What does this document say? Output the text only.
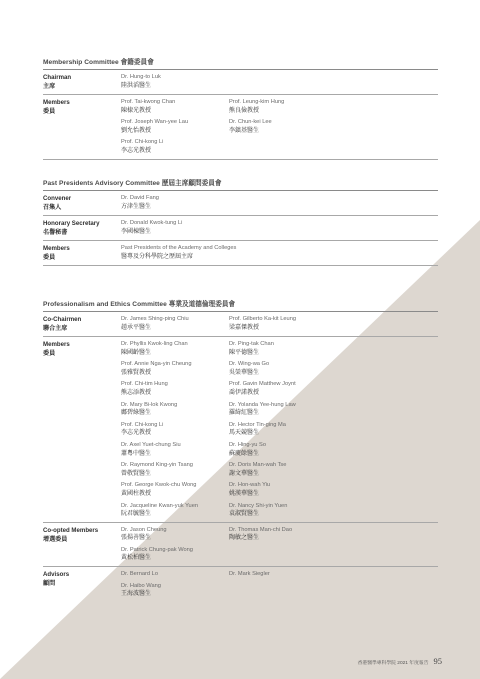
Membership Committee 會籍委員會
Chairman
主席
Dr. Hung-to Luk
陸洪滔醫生
Members
委員
Prof. Tai-kwong Chan
陳棣光教授
Prof. Leung-kim Hung
熊良儉教授
Prof. Joseph Wan-yee Lau
劉允怡教授
Dr. Chun-kei Lee
李鎮基醫生
Prof. Chi-kong Li
李志光教授
Past Presidents Advisory Committee 歷屆主席顧問委員會
Convener
召集人
Dr. David Fang
方津生醫生
Honorary Secretary
名譽秘書
Dr. Donald Kwok-tung Li
李國棟醫生
Members
委員
Past Presidents of the Academy and Colleges
醫專及分科學院之歷屆主席
Professionalism and Ethics Committee 專業及道德倫理委員會
Co-Chairmen
聯合主席
Dr. James Shing-ping Chiu
趙承平醫生
Prof. Gilberto Ka-kit Leung
梁嘉傑教授
Members
委員
Dr. Phyllis Kwok-ling Chan
陳國齡醫生
Dr. Ping-tak Chan
陳平德醫生
Prof. Annie Nga-yin Cheung
張雅賢教授
Dr. Wing-wa Go
吳榮華醫生
Prof. Chi-tim Hung
熊志添教授
Prof. Gavin Matthew Joynt
喬伊諾教授
Dr. Mary Bi-lok Kwong
鄺碧綠醫生
Dr. Yolanda Yee-hung Law
羅綺紅醫生
Prof. Chi-kong Li
李志光教授
Dr. Hector Tin-ging Ma
馬天競醫生
Dr. Axel Yuet-chung Siu
蕭粵中醫生
Dr. Hing-yu So
蘇慶餘醫生
Dr. Raymond King-yin Tsang
曾敬賢醫生
Dr. Doris Man-wah Tse
謝文華醫生
Prof. George Kwok-chu Wong
黃國柱教授
Dr. Hon-wah Yiu
姚漢華醫生
Dr. Jacqueline Kwan-yuk Yuen
阮君毓醫生
Dr. Nancy Shi-yin Yuen
袁淑賢醫生
Co-opted Members
增選委員
Dr. Jason Cheung
張揚善醫生
Dr. Thomas Man-chi Dao
陶敏之醫生
Dr. Patrick Chung-pak Wong
黃松柏醫生
Advisors
顧問
Dr. Bernard Lo	Dr. Mark Siegler
Dr. Haibo Wang
王海波醫生
香港醫學專科學院 2021 年度報告 95
